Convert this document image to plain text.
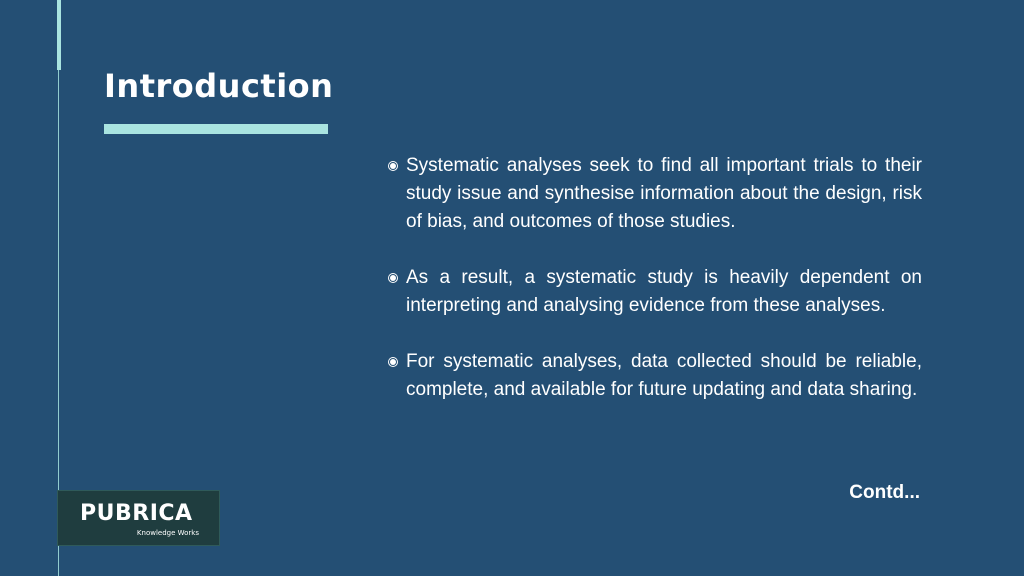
Introduction
Systematic analyses seek to find all important trials to their study issue and synthesise information about the design, risk of bias, and outcomes of those studies.
As a result, a systematic study is heavily dependent on interpreting and analysing evidence from these analyses.
For systematic analyses, data collected should be reliable, complete, and available for future updating and data sharing.
Contd...
PUBRICA
Knowledge Works
